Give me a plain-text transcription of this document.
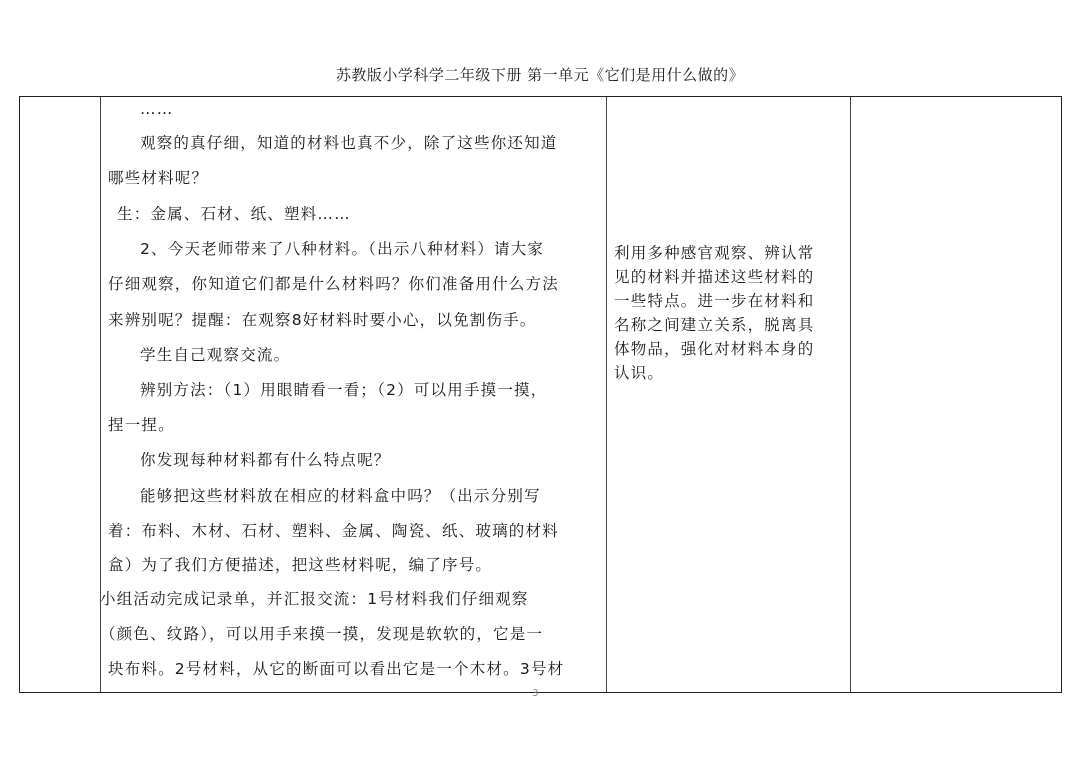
苏教版小学科学二年级下册 第一单元《它们是用什么做的》
……
观察的真仔细，知道的材料也真不少，除了这些你还知道
哪些材料呢？
生：金属、石材、纸、塑料……
2、今天老师带来了八种材料。（出示八种材料）请大家
仔细观察，你知道它们都是什么材料吗？你们准备用什么方法
来辨别呢？提醒：在观察8好材料时要小心，以免割伤手。
学生自己观察交流。
辨别方法：（1）用眼睛看一看；（2）可以用手摸一摸，
捏一捏。
你发现每种材料都有什么特点呢？
能够把这些材料放在相应的材料盒中吗？（出示分别写
着：布料、木材、石材、塑料、金属、陶瓷、纸、玻璃的材料
盒）为了我们方便描述，把这些材料呢，编了序号。
小组活动完成记录单，并汇报交流：1号材料我们仔细观察
（颜色、纹路），可以用手来摸一摸，发现是软软的，它是一
块布料。2号材料，从它的断面可以看出它是一个木材。3号材
利用多种感官观察、辨认常
见的材料并描述这些材料的
一些特点。进一步在材料和
名称之间建立关系，脱离具
体物品，强化对材料本身的
认识。
3
